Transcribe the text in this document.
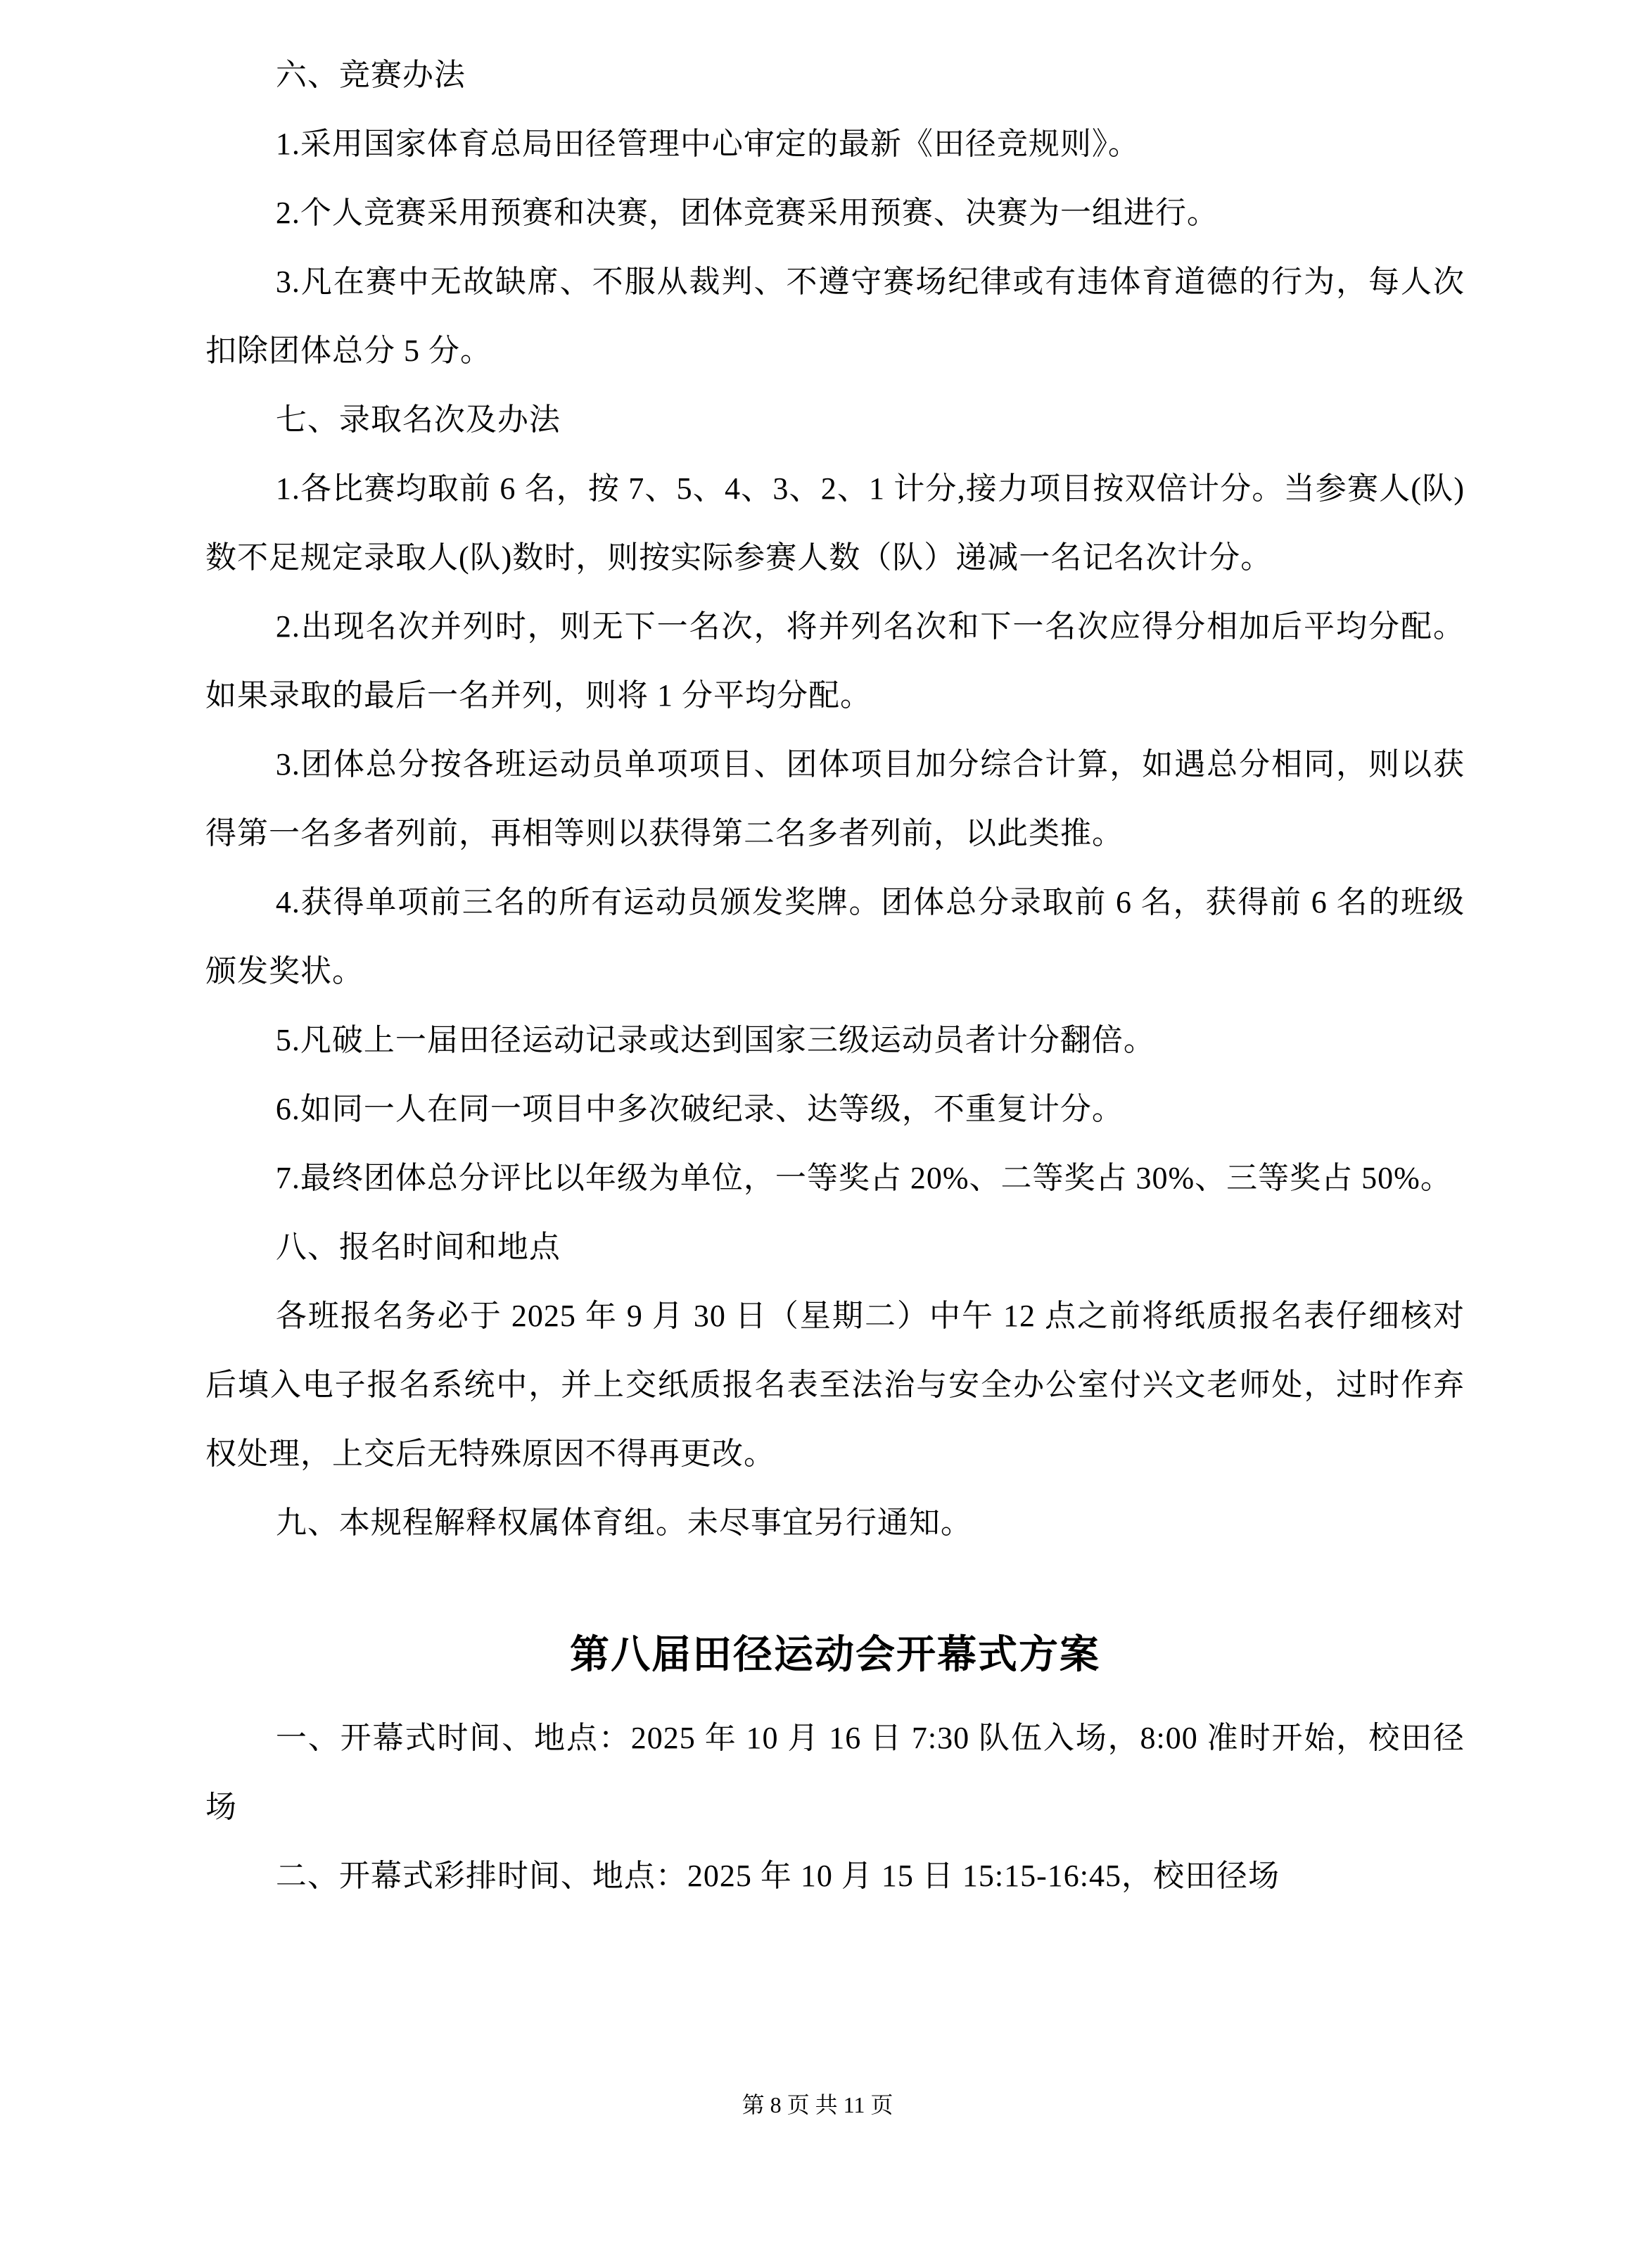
六、竞赛办法

1.采用国家体育总局田径管理中心审定的最新《田径竞规则》。

2.个人竞赛采用预赛和决赛，团体竞赛采用预赛、决赛为一组进行。

3.凡在赛中无故缺席、不服从裁判、不遵守赛场纪律或有违体育道德的行为，每人次扣除团体总分 5 分。

七、录取名次及办法

1.各比赛均取前 6 名，按 7、5、4、3、2、1 计分,接力项目按双倍计分。当参赛人(队)数不足规定录取人(队)数时，则按实际参赛人数（队）递减一名记名次计分。

2.出现名次并列时，则无下一名次，将并列名次和下一名次应得分相加后平均分配。如果录取的最后一名并列，则将 1 分平均分配。

3.团体总分按各班运动员单项项目、团体项目加分综合计算，如遇总分相同，则以获得第一名多者列前，再相等则以获得第二名多者列前，以此类推。

4.获得单项前三名的所有运动员颁发奖牌。团体总分录取前 6 名，获得前 6 名的班级颁发奖状。

5.凡破上一届田径运动记录或达到国家三级运动员者计分翻倍。

6.如同一人在同一项目中多次破纪录、达等级，不重复计分。

7.最终团体总分评比以年级为单位，一等奖占 20%、二等奖占 30%、三等奖占 50%。

八、报名时间和地点

各班报名务必于 2025 年 9 月 30 日（星期二）中午 12 点之前将纸质报名表仔细核对后填入电子报名系统中，并上交纸质报名表至法治与安全办公室付兴文老师处，过时作弃权处理，上交后无特殊原因不得再更改。

九、本规程解释权属体育组。未尽事宜另行通知。

第八届田径运动会开幕式方案

一、开幕式时间、地点：2025 年 10 月 16 日 7:30 队伍入场，8:00 准时开始，校田径场

二、开幕式彩排时间、地点：2025 年 10 月 15 日 15:15-16:45，校田径场

第 8 页 共 11 页
